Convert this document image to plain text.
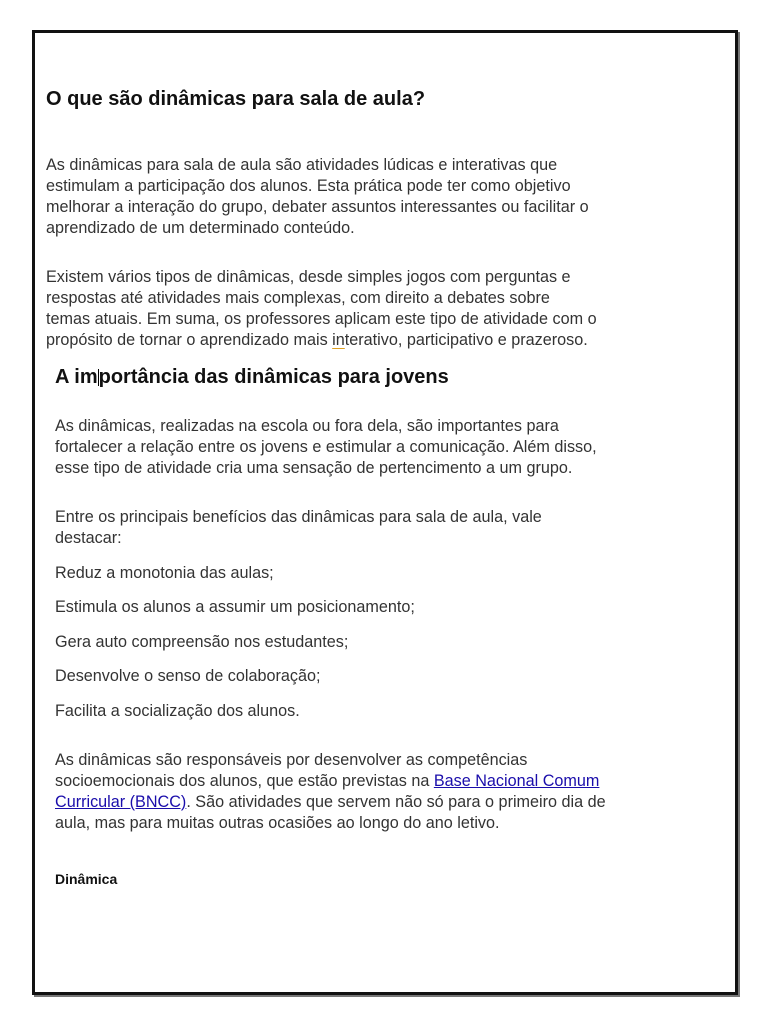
O que são dinâmicas para sala de aula?

As dinâmicas para sala de aula são atividades lúdicas e interativas que
estimulam a participação dos alunos. Esta prática pode ter como objetivo
melhorar a interação do grupo, debater assuntos interessantes ou facilitar o
aprendizado de um determinado conteúdo.

Existem vários tipos de dinâmicas, desde simples jogos com perguntas e
respostas até atividades mais complexas, com direito a debates sobre
temas atuais. Em suma, os professores aplicam este tipo de atividade com o
propósito de tornar o aprendizado mais interativo, participativo e prazeroso.

A importância das dinâmicas para jovens

As dinâmicas, realizadas na escola ou fora dela, são importantes para
fortalecer a relação entre os jovens e estimular a comunicação. Além disso,
esse tipo de atividade cria uma sensação de pertencimento a um grupo.

Entre os principais benefícios das dinâmicas para sala de aula, vale
destacar:

Reduz a monotonia das aulas;

Estimula os alunos a assumir um posicionamento;

Gera auto compreensão nos estudantes;

Desenvolve o senso de colaboração;

Facilita a socialização dos alunos.

As dinâmicas são responsáveis por desenvolver as competências
socioemocionais dos alunos, que estão previstas na Base Nacional Comum
Curricular (BNCC). São atividades que servem não só para o primeiro dia de
aula, mas para muitas outras ocasiões ao longo do ano letivo.

Dinâmica
